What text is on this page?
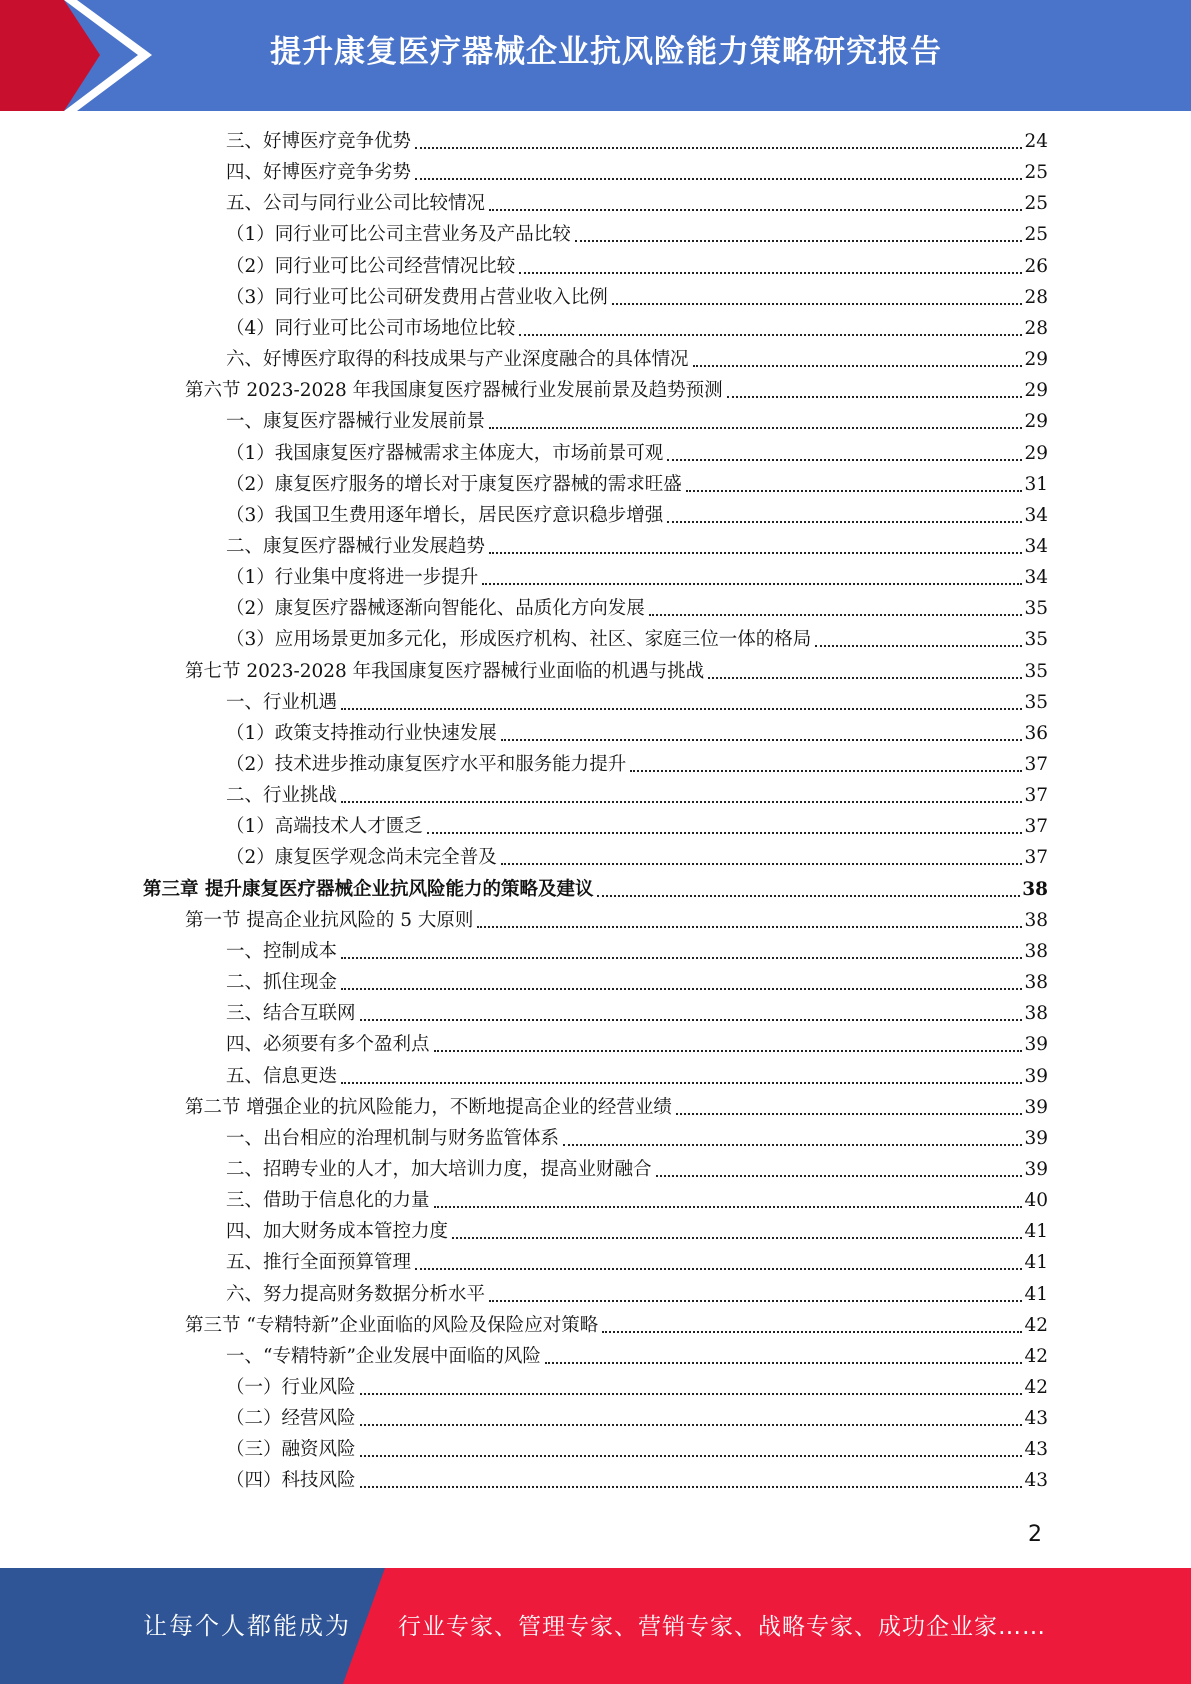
提升康复医疗器械企业抗风险能力策略研究报告
三、好博医疗竞争优势	24
四、好博医疗竞争劣势	25
五、公司与同行业公司比较情况	25
（1）同行业可比公司主营业务及产品比较	25
（2）同行业可比公司经营情况比较	26
（3）同行业可比公司研发费用占营业收入比例	28
（4）同行业可比公司市场地位比较	28
六、好博医疗取得的科技成果与产业深度融合的具体情况	29
第六节 2023-2028 年我国康复医疗器械行业发展前景及趋势预测	29
一、康复医疗器械行业发展前景	29
（1）我国康复医疗器械需求主体庞大，市场前景可观	29
（2）康复医疗服务的增长对于康复医疗器械的需求旺盛	31
（3）我国卫生费用逐年增长，居民医疗意识稳步增强	34
二、康复医疗器械行业发展趋势	34
（1）行业集中度将进一步提升	34
（2）康复医疗器械逐渐向智能化、品质化方向发展	35
（3）应用场景更加多元化，形成医疗机构、社区、家庭三位一体的格局	35
第七节 2023-2028 年我国康复医疗器械行业面临的机遇与挑战	35
一、行业机遇	35
（1）政策支持推动行业快速发展	36
（2）技术进步推动康复医疗水平和服务能力提升	37
二、行业挑战	37
（1）高端技术人才匮乏	37
（2）康复医学观念尚未完全普及	37
第三章 提升康复医疗器械企业抗风险能力的策略及建议	38
第一节 提高企业抗风险的 5 大原则	38
一、控制成本	38
二、抓住现金	38
三、结合互联网	38
四、必须要有多个盈利点	39
五、信息更迭	39
第二节 增强企业的抗风险能力，不断地提高企业的经营业绩	39
一、出台相应的治理机制与财务监管体系	39
二、招聘专业的人才，加大培训力度，提高业财融合	39
三、借助于信息化的力量	40
四、加大财务成本管控力度	41
五、推行全面预算管理	41
六、努力提高财务数据分析水平	41
第三节 “专精特新”企业面临的风险及保险应对策略	42
一、“专精特新”企业发展中面临的风险	42
（一）行业风险	42
（二）经营风险	43
（三）融资风险	43
（四）科技风险	43
2
让每个人都能成为 行业专家、管理专家、营销专家、战略专家、成功企业家……
